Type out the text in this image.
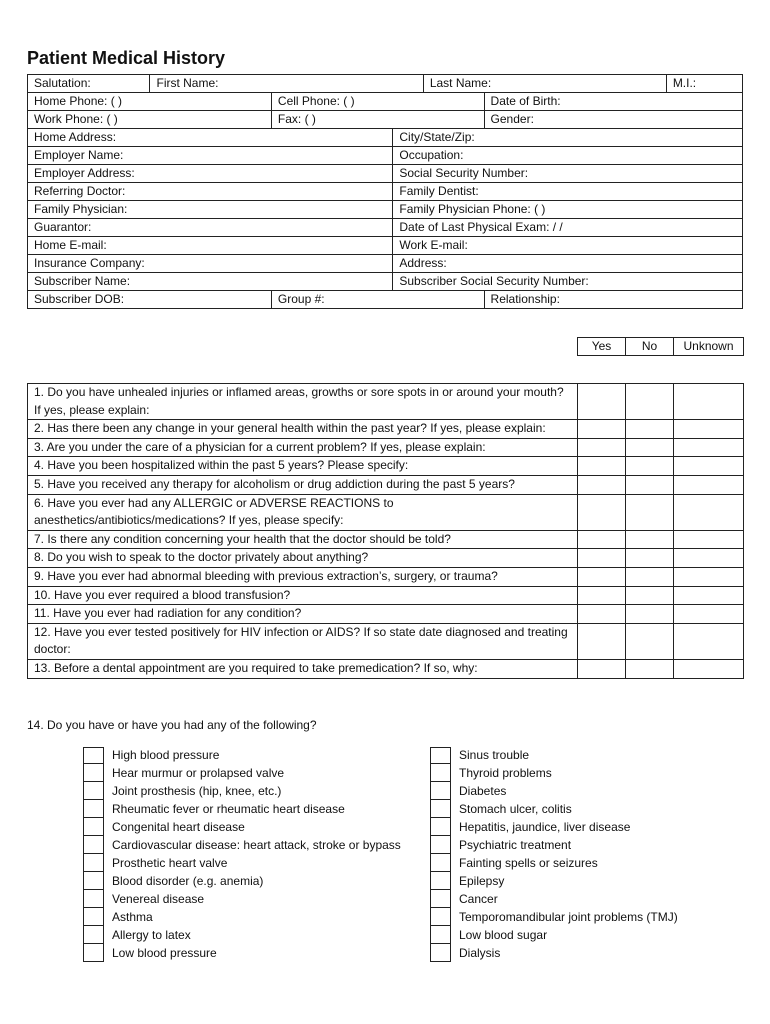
Patient Medical History
Salutation:	First Name:			Last Name:		M.I.:
Home Phone: ( )		Cell Phone: ( )			Date of Birth:	
Work Phone: ( )		Fax: ( )			Gender:	
Home Address:			City/State/Zip:			
Employer Name:			Occupation:			
Employer Address:			Social Security Number:			
Referring Doctor:			Family Dentist:			
Family Physician:			Family Physician Phone: ( )			
Guarantor:			Date of Last Physical Exam: / /			
Home E-mail:			Work E-mail:			
Insurance Company:			Address:			
Subscriber Name:			Subscriber Social Security Number:			
Subscriber DOB:		Group #:			Relationship:	
Yes	No	Unknown
1. Do you have unhealed injuries or inflamed areas, growths or sore spots in or around your mouth? If yes, please explain:			
2. Has there been any change in your general health within the past year? If yes, please explain:			
3. Are you under the care of a physician for a current problem? If yes, please explain:			
4. Have you been hospitalized within the past 5 years? Please specify:			
5. Have you received any therapy for alcoholism or drug addiction during the past 5 years?			
6. Have you ever had any ALLERGIC or ADVERSE REACTIONS to anesthetics/antibiotics/medications? If yes, please specify:			
7. Is there any condition concerning your health that the doctor should be told?			
8. Do you wish to speak to the doctor privately about anything?			
9. Have you ever had abnormal bleeding with previous extraction’s, surgery, or trauma?			
10. Have you ever required a blood transfusion?			
11. Have you ever had radiation for any condition?			
12. Have you ever tested positively for HIV infection or AIDS? If so state date diagnosed and treating doctor:			
13. Before a dental appointment are you required to take premedication? If so, why:			

14. Do you have or have you had any of the following?

High blood pressure
Hear murmur or prolapsed valve
Joint prosthesis (hip, knee, etc.)
Rheumatic fever or rheumatic heart disease
Congenital heart disease
Cardiovascular disease: heart attack, stroke or bypass
Prosthetic heart valve
Blood disorder (e.g. anemia)
Venereal disease
Asthma
Allergy to latex
Low blood pressure
Sinus trouble
Thyroid problems
Diabetes
Stomach ulcer, colitis
Hepatitis, jaundice, liver disease
Psychiatric treatment
Fainting spells or seizures
Epilepsy
Cancer
Temporomandibular joint problems (TMJ)
Low blood sugar
Dialysis
